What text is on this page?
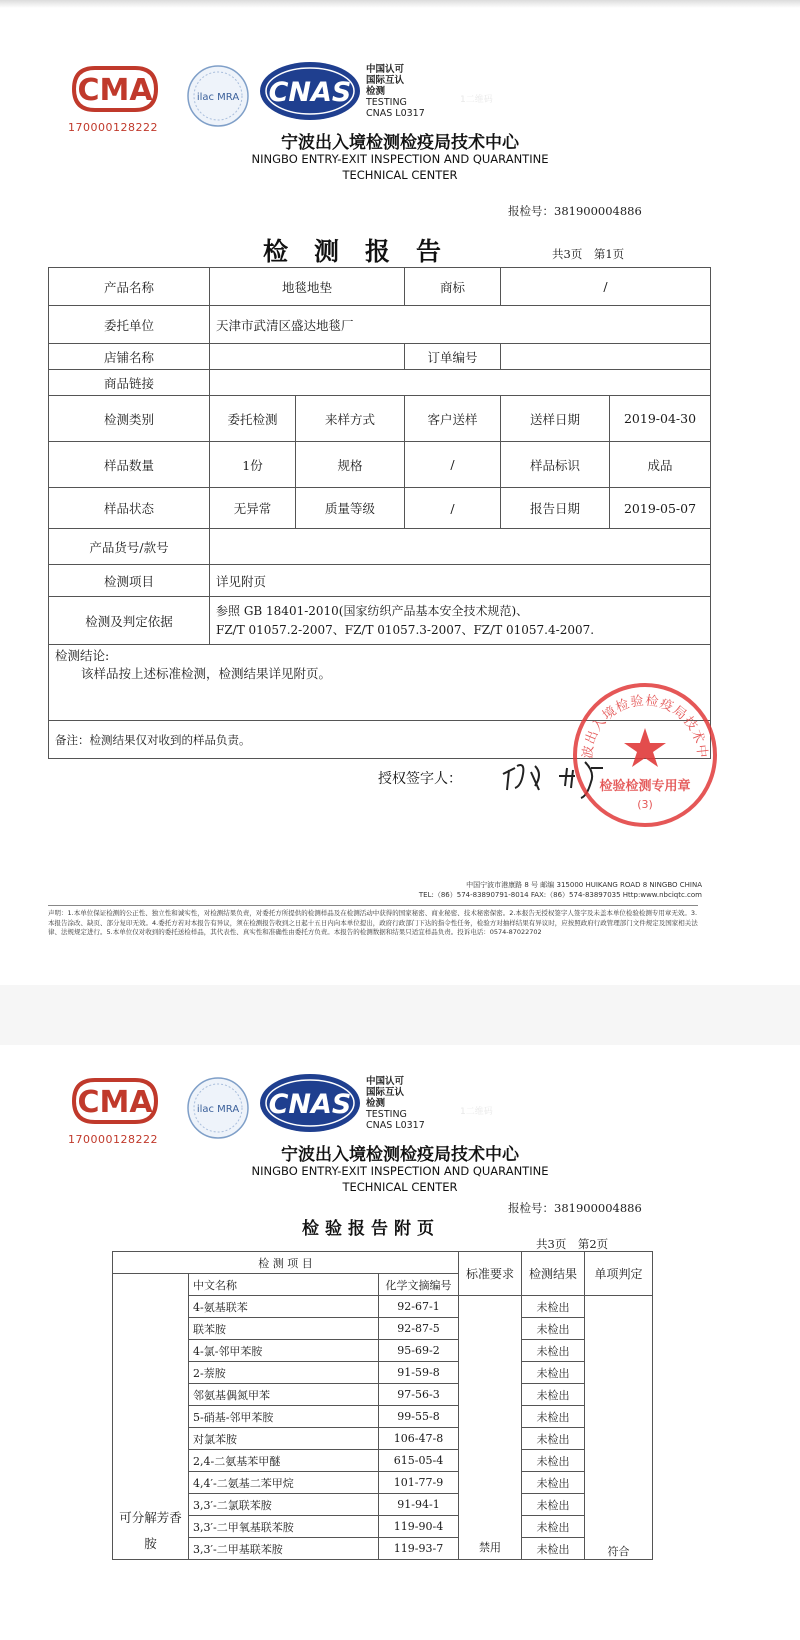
CMA
170000128222
ilac MRA CNAS
中国认可
国际互认
检测
TESTING
CNAS L0317
1二维码
宁波出入境检测检疫局技术中心
NINGBO ENTRY-EXIT INSPECTION AND QUARANTINE
TECHNICAL CENTER
报检号：381900004886
检测报告	共3页　第1页
产品名称	地毯地垫		商标	/	
委托单位	天津市武清区盛达地毯厂				
店铺名称			订单编号		
商品链接					
检测类别	委托检测	来样方式	客户送样	送样日期	2019-04-30
样品数量	1份	规格	/	样品标识	成品
样品状态	无异常	质量等级	/	报告日期	2019-05-07
产品货号/款号					
检测项目	详见附页				
检测及判定依据	参照 GB 18401-2010(国家纺织产品基本安全技术规范)、
FZ/T 01057.2-2007、FZ/T 01057.3-2007、FZ/T 01057.4-2007.				

检测结论:
该样品按上述标准检测，检测结果详见附页。					

备注：检测结果仅对收到的样品负责。					
授权签字人：
波出入境检验检疫局技术中
检验检测专用章
(3)
中国宁波市港康路 8 号 邮编 315000 HUIKANG ROAD 8 NINGBO CHINA
TEL:（86）574-83890791-8014 FAX:（86）574-83897035 Http:www.nbciqtc.com
声明：1.本单位保证检测的公正性、独立性和诚实性，对检测结果负责，对委托方所提供的检测样品及在检测活动中获得的国家秘密、商业秘密、技术秘密保密。2.本报告无授权签字人签字及未盖本单位检验检测专用章无效。3.本报告涂改、缺页、部分复印无效。4.委托方若对本报告有异议，须在检测报告收到之日起十五日内向本单位提出，政府行政部门下达的指令性任务，检验方对抽样结果有异议时，应按照政府行政管理部门文件规定及国家相关法律、法规规定进行。5.本单位仅对收到的委托送检样品，其代表性、真实性和准确性由委托方负责。本报告的检测数据和结果只适宜样品负责。投诉电话：0574-87022702
CMA
170000128222
ilac MRA CNAS
中国认可
国际互认
检测
TESTING
CNAS L0317
1二维码
宁波出入境检测检疫局技术中心
NINGBO ENTRY-EXIT INSPECTION AND QUARANTINE
TECHNICAL CENTER
报检号：381900004886
检验报告附页
共3页　第2页
检 测 项 目			标准要求	检测结果	单项判定
可分解芳香胺	中文名称	化学文摘编号			
	4-氨基联苯	92-67-1	禁用	未检出	符合
	联苯胺	92-87-5		未检出	
	4-氯-邻甲苯胺	95-69-2		未检出	
	2-萘胺	91-59-8		未检出	
	邻氨基偶氮甲苯	97-56-3		未检出	
	5-硝基-邻甲苯胺	99-55-8		未检出	
	对氯苯胺	106-47-8		未检出	
	2,4-二氨基苯甲醚	615-05-4		未检出	
	4,4′-二氨基二苯甲烷	101-77-9		未检出	
	3,3′-二氯联苯胺	91-94-1		未检出	
	3,3′-二甲氧基联苯胺	119-90-4		未检出	
	3,3′-二甲基联苯胺	119-93-7		未检出	
